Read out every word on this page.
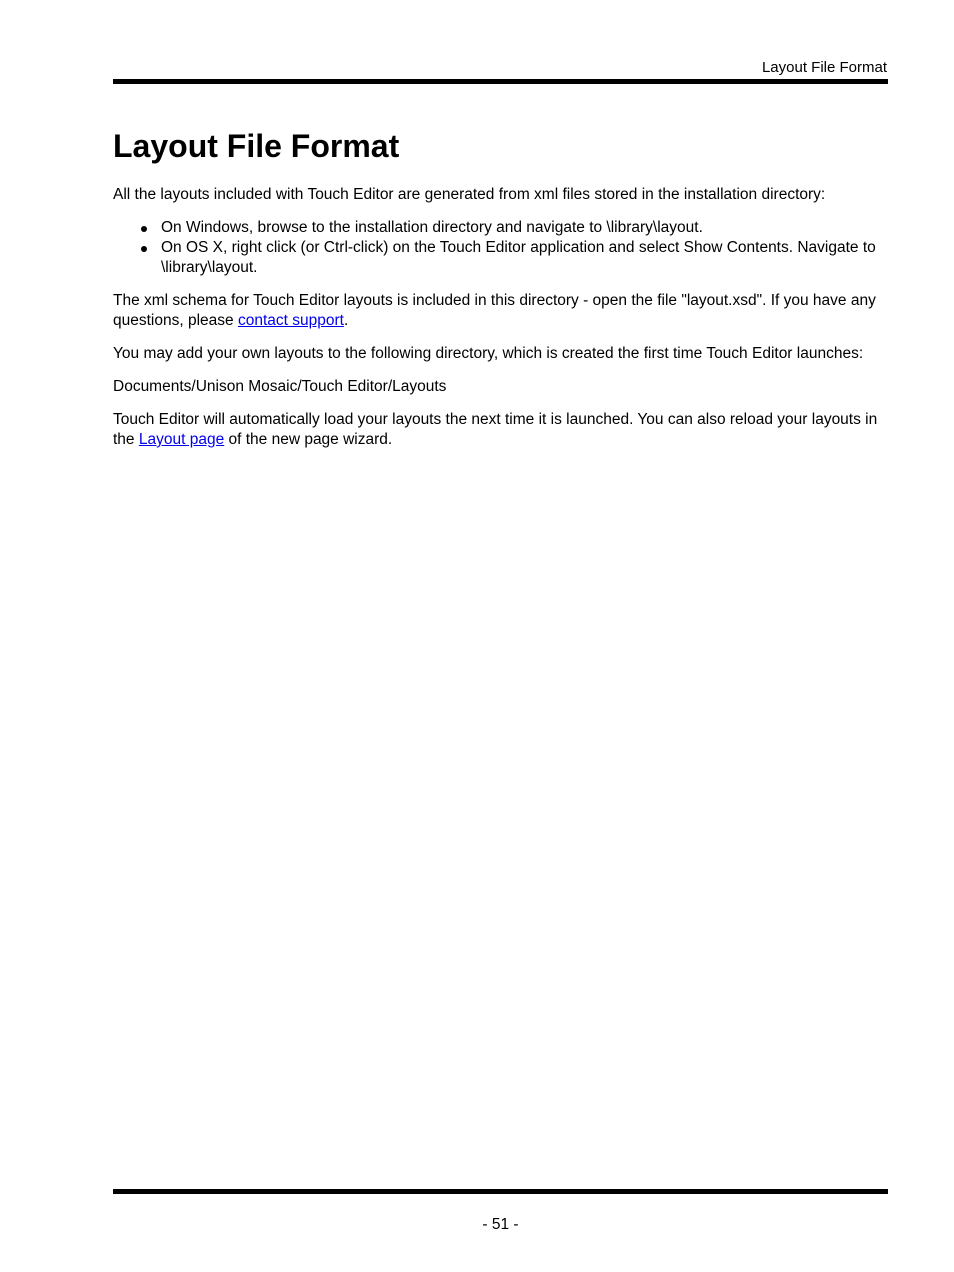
Layout File Format
Layout File Format

All the layouts included with Touch Editor are generated from xml files stored in the installation directory:

On Windows, browse to the installation directory and navigate to \library\layout.
On OS X, right click (or Ctrl-click) on the Touch Editor application and select Show Contents. Navigate to \library\layout.

The xml schema for Touch Editor layouts is included in this directory - open the file "layout.xsd". If you have any questions, please contact support.

You may add your own layouts to the following directory, which is created the first time Touch Editor launches:

Documents/Unison Mosaic/Touch Editor/Layouts

Touch Editor will automatically load your layouts the next time it is launched. You can also reload your layouts in the Layout page of the new page wizard.

- 51 -
